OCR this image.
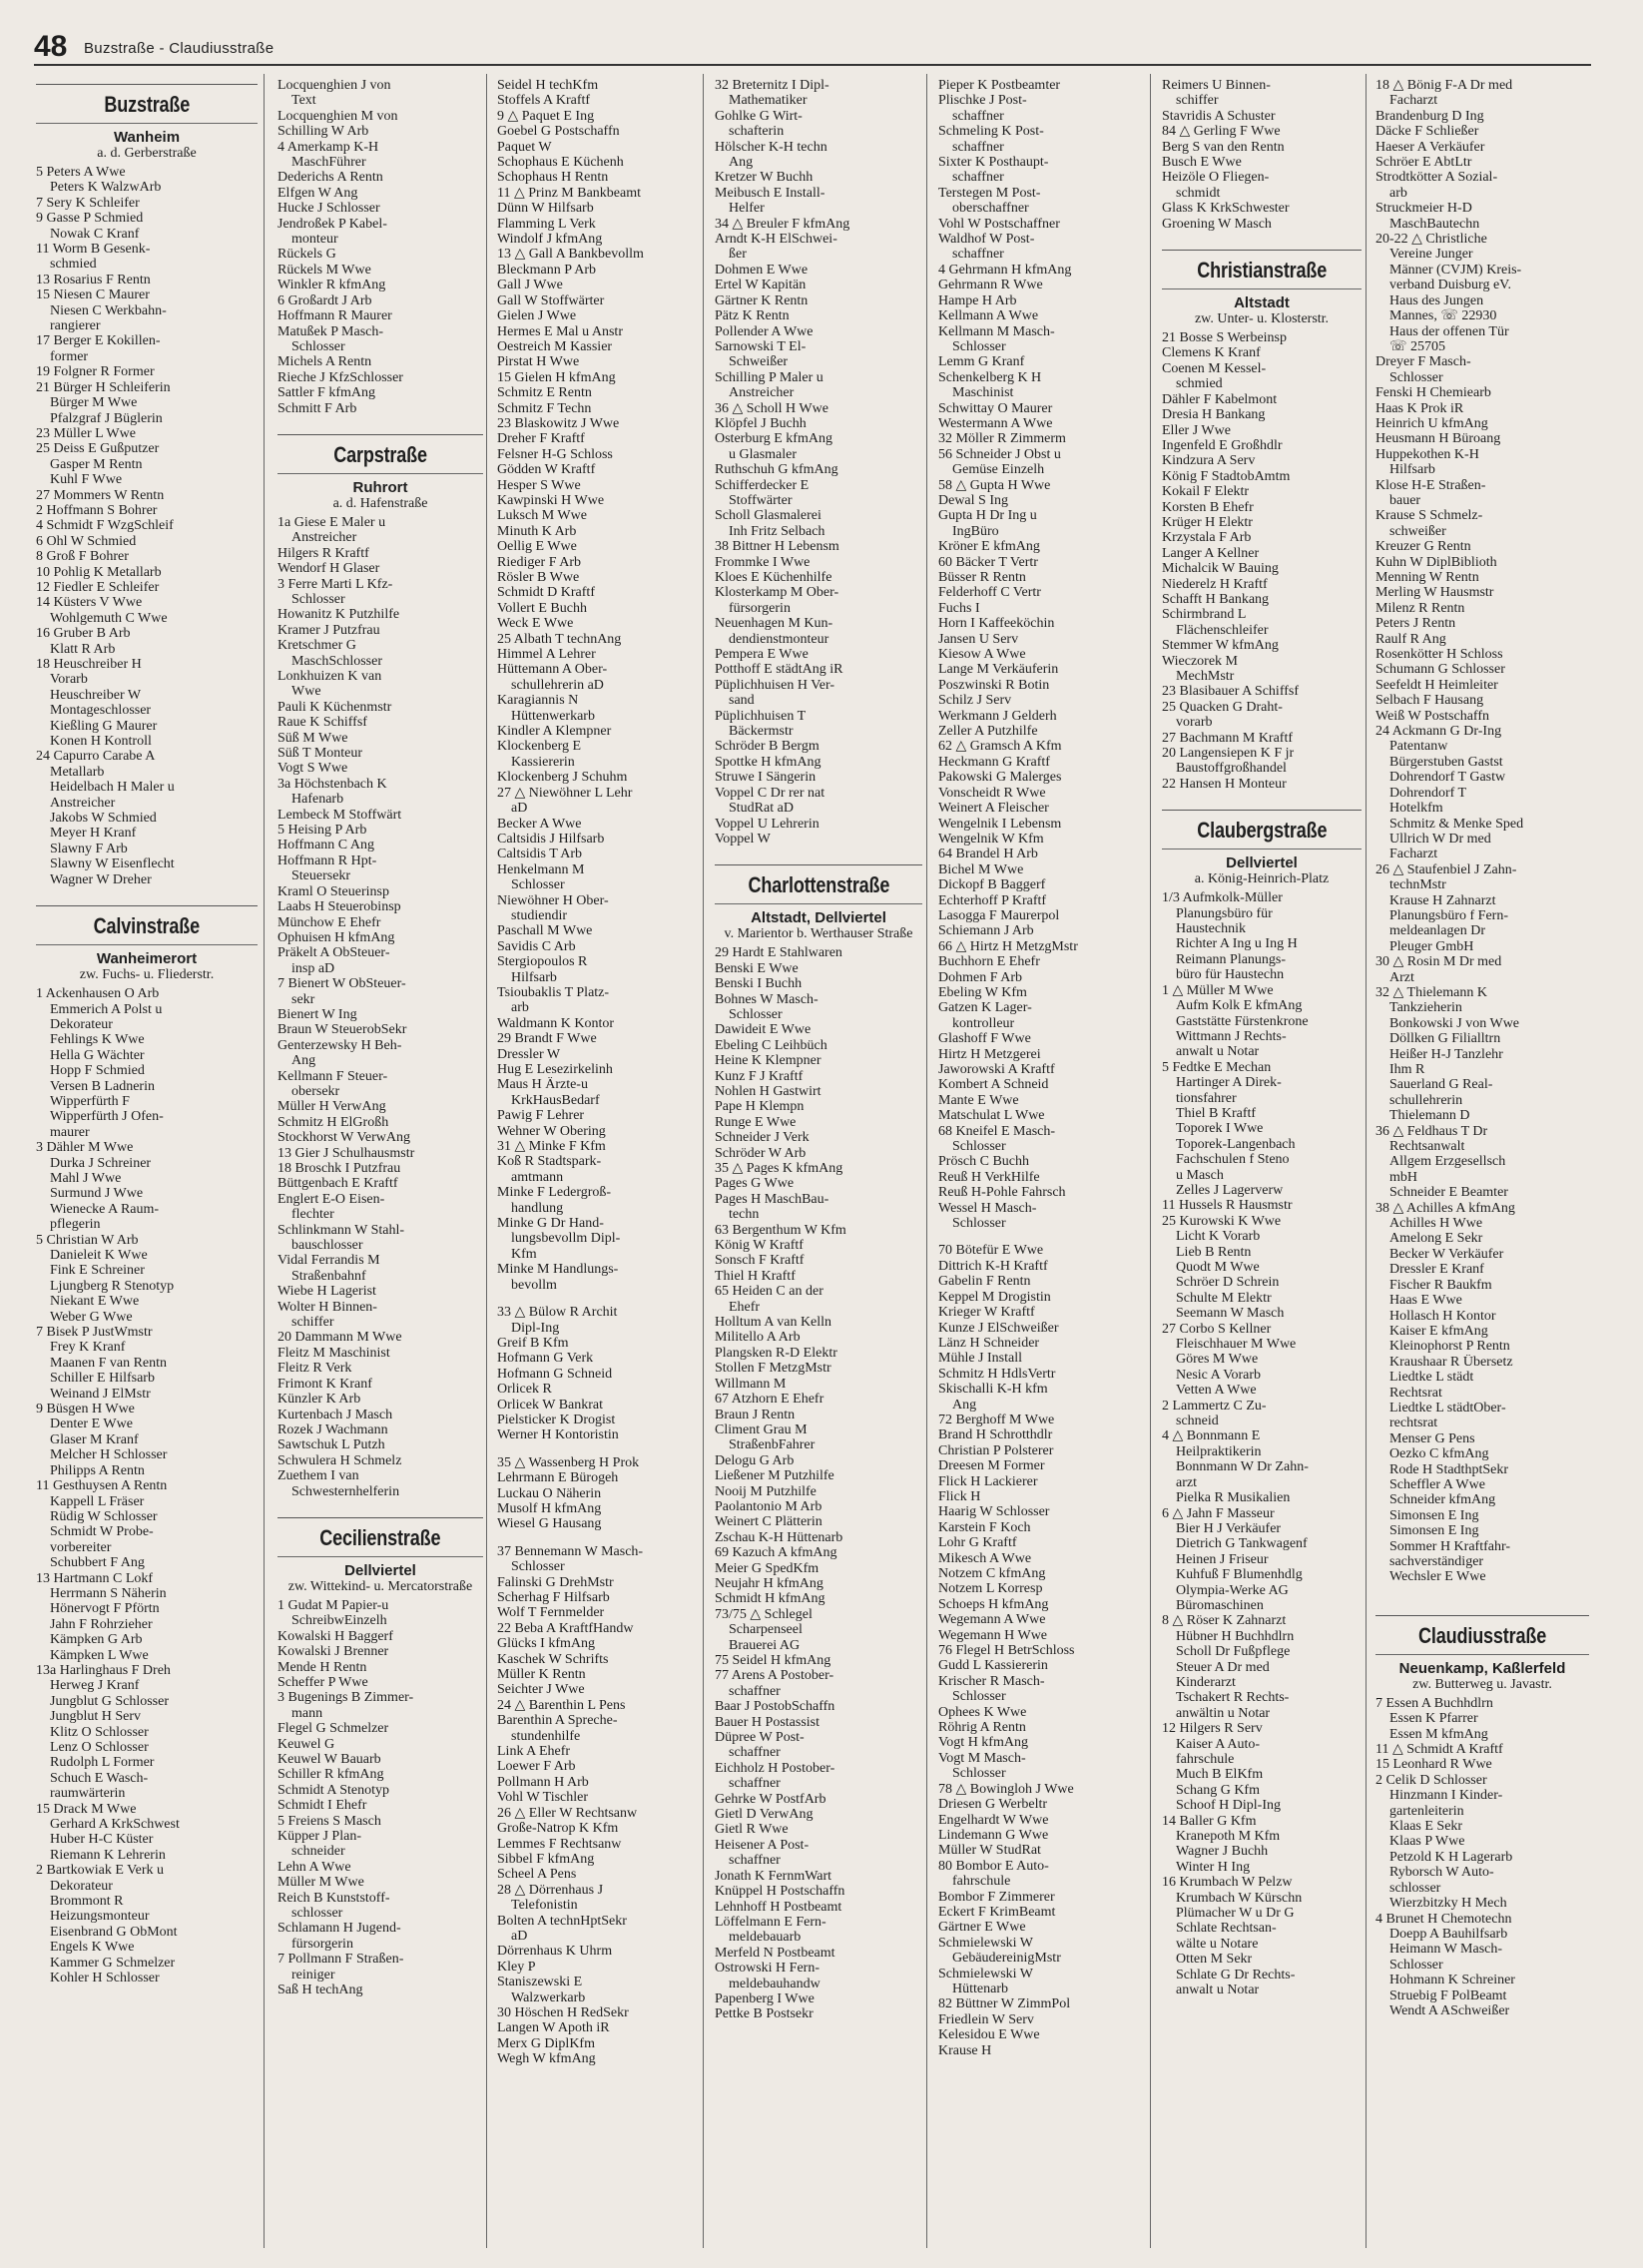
48 Buzstraße - Claudiusstraße
Buzstraße
Wanheim
a. d. Gerberstraße
5 Peters A Wwe
Peters K WalzwArb
7 Sery K Schleifer
9 Gasse P Schmied
Nowak C Kranf
11 Worm B Gesenk-
schmied
13 Rosarius F Rentn
15 Niesen C Maurer
Niesen C Werkbahn-
rangierer
17 Berger E Kokillen-
former
19 Folgner R Former
21 Bürger H Schleiferin
Bürger M Wwe
Pfalzgraf J Büglerin
23 Müller L Wwe
25 Deiss E Gußputzer
Gasper M Rentn
Kuhl F Wwe
27 Mommers W Rentn
2 Hoffmann S Bohrer
4 Schmidt F WzgSchleif
6 Ohl W Schmied
8 Groß F Bohrer
10 Pohlig K Metallarb
12 Fiedler E Schleifer
14 Küsters V Wwe
Wohlgemuth C Wwe
16 Gruber B Arb
Klatt R Arb
18 Heuschreiber H
Vorarb
Heuschreiber W
Montageschlosser
Kießling G Maurer
Konen H Kontroll
24 Capurro Carabe A
Metallarb
Heidelbach H Maler u
Anstreicher
Jakobs W Schmied
Meyer H Kranf
Slawny F Arb
Slawny W Eisenflecht
Wagner W Dreher
Calvinstraße
Wanheimerort
zw. Fuchs- u. Fliederstr.
1 Ackenhausen O Arb
Emmerich A Polst u
Dekorateur
Fehlings K Wwe
Hella G Wächter
Hopp F Schmied
Versen B Ladnerin
Wipperfürth F
Wipperfürth J Ofen-
maurer
3 Dähler M Wwe
Durka J Schreiner
Mahl J Wwe
Surmund J Wwe
Wienecke A Raum-
pflegerin
5 Christian W Arb
Danieleit K Wwe
Fink E Schreiner
Ljungberg R Stenotyp
Niekant E Wwe
Weber G Wwe
7 Bisek P JustWmstr
Frey K Kranf
Maanen F van Rentn
Schiller E Hilfsarb
Weinand J ElMstr
9 Büsgen H Wwe
Denter E Wwe
Glaser M Kranf
Melcher H Schlosser
Philipps A Rentn
11 Gesthuysen A Rentn
Kappell L Fräser
Rüdig W Schlosser
Schmidt W Probe-
vorbereiter
Schubbert F Ang
13 Hartmann C Lokf
Herrmann S Näherin
Hönervogt F Pförtn
Jahn F Rohrzieher
Kämpken G Arb
Kämpken L Wwe
13a Harlinghaus F Dreh
Herweg J Kranf
Jungblut G Schlosser
Jungblut H Serv
Klitz O Schlosser
Lenz O Schlosser
Rudolph L Former
Schuch E Wasch-
raumwärterin
15 Drack M Wwe
Gerhard A KrkSchwest
Huber H-C Küster
Riemann K Lehrerin
2 Bartkowiak E Verk u
Dekorateur
Brommont R
Heizungsmonteur
Eisenbrand G ObMont
Engels K Wwe
Kammer G Schmelzer
Kohler H Schlosser
Locquenghien J von
Text
Locquenghien M von
Schilling W Arb
4 Amerkamp K-H
MaschFührer
Dederichs A Rentn
Elfgen W Ang
Hucke J Schlosser
Jendroßek P Kabel-
monteur
Rückels G
Rückels M Wwe
Winkler R kfmAng
6 Großardt J Arb
Hoffmann R Maurer
Matußek P Masch-
Schlosser
Michels A Rentn
Rieche J KfzSchlosser
Sattler F kfmAng
Schmitt F Arb
Carpstraße
Ruhrort
a. d. Hafenstraße
1a Giese E Maler u
Anstreicher
Hilgers R Kraftf
Wendorf H Glaser
3 Ferre Marti L Kfz-
Schlosser
Howanitz K Putzhilfe
Kramer J Putzfrau
Kretschmer G
MaschSchlosser
Lonkhuizen K van
Wwe
Pauli K Küchenmstr
Raue K Schiffsf
Süß M Wwe
Süß T Monteur
Vogt S Wwe
3a Höchstenbach K
Hafenarb
Lembeck M Stoffwärt
5 Heising P Arb
Hoffmann C Ang
Hoffmann R Hpt-
Steuersekr
Kraml O Steuerinsp
Laabs H Steuerobinsp
Münchow E Ehefr
Ophuisen H kfmAng
Präkelt A ObSteuer-
insp aD
7 Bienert W ObSteuer-
sekr
Bienert W Ing
Braun W SteuerobSekr
Genterzewsky H Beh-
Ang
Kellmann F Steuer-
obersekr
Müller H VerwAng
Schmitz H ElGroßh
Stockhorst W VerwAng
13 Gier J Schulhausmstr
18 Broschk I Putzfrau
Büttgenbach E Kraftf
Englert E-O Eisen-
flechter
Schlinkmann W Stahl-
bauschlosser
Vidal Ferrandis M
Straßenbahnf
Wiebe H Lagerist
Wolter H Binnen-
schiffer
20 Dammann M Wwe
Fleitz M Maschinist
Fleitz R Verk
Frimont K Kranf
Künzler K Arb
Kurtenbach J Masch
Rozek J Wachmann
Sawtschuk L Putzh
Schwulera H Schmelz
Zuethem I van
Schwesternhelferin
Cecilienstraße
Dellviertel
zw. Wittekind- u. Mercatorstraße
1 Gudat M Papier-u
SchreibwEinzelh
Kowalski H Baggerf
Kowalski J Brenner
Mende H Rentn
Scheffer P Wwe
3 Bugenings B Zimmer-
mann
Flegel G Schmelzer
Keuwel G
Keuwel W Bauarb
Schiller R kfmAng
Schmidt A Stenotyp
Schmidt I Ehefr
5 Freiens S Masch
Küpper J Plan-
schneider
Lehn A Wwe
Müller M Wwe
Reich B Kunststoff-
schlosser
Schlamann H Jugend-
fürsorgerin
7 Pollmann F Straßen-
reiniger
Saß H techAng
Seidel H techKfm
Stoffels A Kraftf
9 △ Paquet E Ing
Goebel G Postschaffn
Paquet W
Schophaus E Küchenh
Schophaus H Rentn
11 △ Prinz M Bankbeamt
Dünn W Hilfsarb
Flamming L Verk
Windolf J kfmAng
13 △ Gall A Bankbevollm
Bleckmann P Arb
Gall J Wwe
Gall W Stoffwärter
Gielen J Wwe
Hermes E Mal u Anstr
Oestreich M Kassier
Pirstat H Wwe
15 Gielen H kfmAng
Schmitz E Rentn
Schmitz F Techn
23 Blaskowitz J Wwe
Dreher F Kraftf
Felsner H-G Schloss
Gödden W Kraftf
Hesper S Wwe
Kawpinski H Wwe
Luksch M Wwe
Minuth K Arb
Oellig E Wwe
Riediger F Arb
Rösler B Wwe
Schmidt D Kraftf
Vollert E Buchh
Weck E Wwe
25 Albath T technAng
Himmel A Lehrer
Hüttemann A Ober-
schullehrerin aD
Karagiannis N
Hüttenwerkarb
Kindler A Klempner
Klockenberg E
Kassiererin
Klockenberg J Schuhm
27 △ Niewöhner L Lehr
aD
Becker A Wwe
Caltsidis J Hilfsarb
Caltsidis T Arb
Henkelmann M
Schlosser
Niewöhner H Ober-
studiendir
Paschall M Wwe
Savidis C Arb
Stergiopoulos R
Hilfsarb
Tsioubaklis T Platz-
arb
Waldmann K Kontor
29 Brandt F Wwe
Dressler W
Hug E Lesezirkelinh
Maus H Ärzte-u
KrkHausBedarf
Pawig F Lehrer
Wehner W Obering
31 △ Minke F Kfm
Koß R Stadtspark-
amtmann
Minke F Ledergroß-
handlung
Minke G Dr Hand-
lungsbevollm Dipl-
Kfm
Minke M Handlungs-
bevollm
33 △ Bülow R Archit
Dipl-Ing
Greif B Kfm
Hofmann G Verk
Hofmann G Schneid
Orlicek R
Orlicek W Bankrat
Pielsticker K Drogist
Werner H Kontoristin
35 △ Wassenberg H Prok
Lehrmann E Bürogeh
Luckau O Näherin
Musolf H kfmAng
Wiesel G Hausang
37 Bennemann W Masch-
Schlosser
Falinski G DrehMstr
Scherhag F Hilfsarb
Wolf T Fernmelder
22 Beba A KraftfHandw
Glücks I kfmAng
Kaschek W Schrifts
Müller K Rentn
Seichter J Wwe
24 △ Barenthin L Pens
Barenthin A Spreche-
stundenhilfe
Link A Ehefr
Loewer F Arb
Pollmann H Arb
Vohl W Tischler
26 △ Eller W Rechtsanw
Große-Natrop K Kfm
Lemmes F Rechtsanw
Sibbel F kfmAng
Scheel A Pens
28 △ Dörrenhaus J
Telefonistin
Bolten A technHptSekr
aD
Dörrenhaus K Uhrm
Kley P
Staniszewski E
Walzwerkarb
30 Höschen H RedSekr
Langen W Apoth iR
Merx G DiplKfm
Wegh W kfmAng
32 Breternitz I Dipl-
Mathematiker
Gohlke G Wirt-
schafterin
Hölscher K-H techn
Ang
Kretzer W Buchh
Meibusch E Install-
Helfer
34 △ Breuler F kfmAng
Arndt K-H ElSchwei-
ßer
Dohmen E Wwe
Ertel W Kapitän
Gärtner K Rentn
Pätz K Rentn
Pollender A Wwe
Sarnowski T El-
Schweißer
Schilling P Maler u
Anstreicher
36 △ Scholl H Wwe
Klöpfel J Buchh
Osterburg E kfmAng
u Glasmaler
Ruthschuh G kfmAng
Schifferdecker E
Stoffwärter
Scholl Glasmalerei
Inh Fritz Selbach
38 Bittner H Lebensm
Frommke I Wwe
Kloes E Küchenhilfe
Klosterkamp M Ober-
fürsorgerin
Neuenhagen M Kun-
dendienstmonteur
Pempera E Wwe
Potthoff E städtAng iR
Püplichhuisen H Ver-
sand
Püplichhuisen T
Bäckermstr
Schröder B Bergm
Spottke H kfmAng
Struwe I Sängerin
Voppel C Dr rer nat
StudRat aD
Voppel U Lehrerin
Voppel W
Charlottenstraße
Altstadt, Dellviertel
v. Marientor b. Werthauser Straße
29 Hardt E Stahlwaren
Benski E Wwe
Benski I Buchh
Bohnes W Masch-
Schlosser
Dawideit E Wwe
Ebeling C Leihbüch
Heine K Klempner
Kunz F J Kraftf
Nohlen H Gastwirt
Pape H Klempn
Runge E Wwe
Schneider J Verk
Schröder W Arb
35 △ Pages K kfmAng
Pages G Wwe
Pages H MaschBau-
techn
63 Bergenthum W Kfm
König W Kraftf
Sonsch F Kraftf
Thiel H Kraftf
65 Heiden C an der
Ehefr
Holltum A van Kelln
Militello A Arb
Plangsken R-D Elektr
Stollen F MetzgMstr
Willmann M
67 Atzhorn E Ehefr
Braun J Rentn
Climent Grau M
StraßenbFahrer
Delogu G Arb
Ließener M Putzhilfe
Nooij M Putzhilfe
Paolantonio M Arb
Weinert C Plätterin
Zschau K-H Hüttenarb
69 Kazuch A kfmAng
Meier G SpedKfm
Neujahr H kfmAng
Schmidt H kfmAng
73/75 △ Schlegel
Scharpenseel
Brauerei AG
75 Seidel H kfmAng
77 Arens A Postober-
schaffner
Baar J PostobSchaffn
Bauer H Postassist
Düpree W Post-
schaffner
Eichholz H Postober-
schaffner
Gehrke W PostfArb
Gietl D VerwAng
Gietl R Wwe
Heisener A Post-
schaffner
Jonath K FernmWart
Knüppel H Postschaffn
Lehnhoff H Postbeamt
Löffelmann E Fern-
meldebauarb
Merfeld N Postbeamt
Ostrowski H Fern-
meldebauhandw
Papenberg I Wwe
Pettke B Postsekr
Pieper K Postbeamter
Plischke J Post-
schaffner
Schmeling K Post-
schaffner
Sixter K Posthaupt-
schaffner
Terstegen M Post-
oberschaffner
Vohl W Postschaffner
Waldhof W Post-
schaffner
4 Gehrmann H kfmAng
Gehrmann R Wwe
Hampe H Arb
Kellmann A Wwe
Kellmann M Masch-
Schlosser
Lemm G Kranf
Schenkelberg K H
Maschinist
Schwittay O Maurer
Westermann A Wwe
32 Möller R Zimmerm
56 Schneider J Obst u
Gemüse Einzelh
58 △ Gupta H Wwe
Dewal S Ing
Gupta H Dr Ing u
IngBüro
Kröner E kfmAng
60 Bäcker T Vertr
Büsser R Rentn
Felderhoff C Vertr
Fuchs I
Horn I Kaffeeköchin
Jansen U Serv
Kiesow A Wwe
Lange M Verkäuferin
Poszwinski R Botin
Schilz J Serv
Werkmann J Gelderh
Zeller A Putzhilfe
62 △ Gramsch A Kfm
Heckmann G Kraftf
Pakowski G Malerges
Vonscheidt R Wwe
Weinert A Fleischer
Wengelnik I Lebensm
Wengelnik W Kfm
64 Brandel H Arb
Bichel M Wwe
Dickopf B Baggerf
Echterhoff P Kraftf
Lasogga F Maurerpol
Schiemann J Arb
66 △ Hirtz H MetzgMstr
Buchhorn E Ehefr
Dohmen F Arb
Ebeling W Kfm
Gatzen K Lager-
kontrolleur
Glashoff F Wwe
Hirtz H Metzgerei
Jaworowski A Kraftf
Kombert A Schneid
Mante E Wwe
Matschulat L Wwe
68 Kneifel E Masch-
Schlosser
Prösch C Buchh
Reuß H VerkHilfe
Reuß H-Pohle Fahrsch
Wessel H Masch-
Schlosser
70 Bötefür E Wwe
Dittrich K-H Kraftf
Gabelin F Rentn
Keppel M Drogistin
Krieger W Kraftf
Kunze J ElSchweißer
Länz H Schneider
Mühle J Install
Schmitz H HdlsVertr
Skischalli K-H kfm
Ang
72 Berghoff M Wwe
Brand H Schrotthdlr
Christian P Polsterer
Dreesen M Former
Flick H Lackierer
Flick H
Haarig W Schlosser
Karstein F Koch
Lohr G Kraftf
Mikesch A Wwe
Notzem C kfmAng
Notzem L Korresp
Schoeps H kfmAng
Wegemann A Wwe
Wegemann H Wwe
76 Flegel H BetrSchloss
Gudd L Kassiererin
Krischer R Masch-
Schlosser
Ophees K Wwe
Röhrig A Rentn
Vogt H kfmAng
Vogt M Masch-
Schlosser
78 △ Bowingloh J Wwe
Driesen G Werbeltr
Engelhardt W Wwe
Lindemann G Wwe
Müller W StudRat
80 Bombor E Auto-
fahrschule
Bombor F Zimmerer
Eckert F KrimBeamt
Gärtner E Wwe
Schmielewski W
GebäudereinigMstr
Schmielewski W
Hüttenarb
82 Büttner W ZimmPol
Friedlein W Serv
Kelesidou E Wwe
Krause H
Reimers U Binnen-
schiffer
Stavridis A Schuster
84 △ Gerling F Wwe
Berg S van den Rentn
Busch E Wwe
Heizöle O Fliegen-
schmidt
Glass K KrkSchwester
Groening W Masch
Christianstraße
Altstadt
zw. Unter- u. Klosterstr.
21 Bosse S Werbeinsp
Clemens K Kranf
Coenen M Kessel-
schmied
Dähler F Kabelmont
Dresia H Bankang
Eller J Wwe
Ingenfeld E Großhdlr
Kindzura A Serv
König F StadtobAmtm
Kokail F Elektr
Korsten B Ehefr
Krüger H Elektr
Krzystala F Arb
Langer A Kellner
Michalcik W Bauing
Niederelz H Kraftf
Schafft H Bankang
Schirmbrand L
Flächenschleifer
Stemmer W kfmAng
Wieczorek M
MechMstr
23 Blasibauer A Schiffsf
25 Quacken G Draht-
vorarb
27 Bachmann M Kraftf
20 Langensiepen K F jr
Baustoffgroßhandel
22 Hansen H Monteur
Claubergstraße
Dellviertel
a. König-Heinrich-Platz
1/3 Aufmkolk-Müller
Planungsbüro für
Haustechnik
Richter A Ing u Ing H
Reimann Planungs-
büro für Haustechn
1 △ Müller M Wwe
Aufm Kolk E kfmAng
Gaststätte Fürstenkrone
Wittmann J Rechts-
anwalt u Notar
5 Fedtke E Mechan
Hartinger A Direk-
tionsfahrer
Thiel B Kraftf
Toporek I Wwe
Toporek-Langenbach
Fachschulen f Steno
u Masch
Zelles J Lagerverw
11 Hussels R Hausmstr
25 Kurowski K Wwe
Licht K Vorarb
Lieb B Rentn
Quodt M Wwe
Schröer D Schrein
Schulte M Elektr
Seemann W Masch
27 Corbo S Kellner
Fleischhauer M Wwe
Göres M Wwe
Nesic A Vorarb
Vetten A Wwe
2 Lammertz C Zu-
schneid
4 △ Bonnmann E
Heilpraktikerin
Bonnmann W Dr Zahn-
arzt
Pielka R Musikalien
6 △ Jahn F Masseur
Bier H J Verkäufer
Dietrich G Tankwagenf
Heinen J Friseur
Kuhfuß F Blumenhdlg
Olympia-Werke AG
Büromaschinen
8 △ Röser K Zahnarzt
Hübner H Buchhdlrn
Scholl Dr Fußpflege
Steuer A Dr med
Kinderarzt
Tschakert R Rechts-
anwältin u Notar
12 Hilgers R Serv
Kaiser A Auto-
fahrschule
Much B ElKfm
Schang G Kfm
Schoof H Dipl-Ing
14 Baller G Kfm
Kranepoth M Kfm
Wagner J Buchh
Winter H Ing
16 Krumbach W Pelzw
Krumbach W Kürschn
Plümacher W u Dr G
Schlate Rechtsan-
wälte u Notare
Otten M Sekr
Schlate G Dr Rechts-
anwalt u Notar
18 △ Bönig F-A Dr med
Facharzt
Brandenburg D Ing
Däcke F Schließer
Haeser A Verkäufer
Schröer E AbtLtr
Strodtkötter A Sozial-
arb
Struckmeier H-D
MaschBautechn
20-22 △ Christliche
Vereine Junger
Männer (CVJM) Kreis-
verband Duisburg eV.
Haus des Jungen
Mannes, ☏ 22930
Haus der offenen Tür
☏ 25705
Dreyer F Masch-
Schlosser
Fenski H Chemiearb
Haas K Prok iR
Heinrich U kfmAng
Heusmann H Büroang
Huppekothen K-H
Hilfsarb
Klose H-E Straßen-
bauer
Krause S Schmelz-
schweißer
Kreuzer G Rentn
Kuhn W DiplBiblioth
Menning W Rentn
Merling W Hausmstr
Milenz R Rentn
Peters J Rentn
Raulf R Ang
Rosenkötter H Schloss
Schumann G Schlosser
Seefeldt H Heimleiter
Selbach F Hausang
Weiß W Postschaffn
24 Ackmann G Dr-Ing
Patentanw
Bürgerstuben Gastst
Dohrendorf T Gastw
Dohrendorf T
Hotelkfm
Schmitz & Menke Sped
Ullrich W Dr med
Facharzt
26 △ Staufenbiel J Zahn-
technMstr
Krause H Zahnarzt
Planungsbüro f Fern-
meldeanlagen Dr
Pleuger GmbH
30 △ Rosin M Dr med
Arzt
32 △ Thielemann K
Tankzieherin
Bonkowski J von Wwe
Döllken G Filialltrn
Heißer H-J Tanzlehr
Ihm R
Sauerland G Real-
schullehrerin
Thielemann D
36 △ Feldhaus T Dr
Rechtsanwalt
Allgem Erzgesellsch
mbH
Schneider E Beamter
38 △ Achilles A kfmAng
Achilles H Wwe
Amelong E Sekr
Becker W Verkäufer
Dressler E Kranf
Fischer R Baukfm
Haas E Wwe
Hollasch H Kontor
Kaiser E kfmAng
Kleinophorst P Rentn
Kraushaar R Übersetz
Liedtke L städt
Rechtsrat
Liedtke L städtOber-
rechtsrat
Menser G Pens
Oezko C kfmAng
Rode H StadthptSekr
Scheffler A Wwe
Schneider kfmAng
Simonsen E Ing
Simonsen E Ing
Sommer H Kraftfahr-
sachverständiger
Wechsler E Wwe
Claudiusstraße
Neuenkamp, Kaßlerfeld
zw. Butterweg u. Javastr.
7 Essen A Buchhdlrn
Essen K Pfarrer
Essen M kfmAng
11 △ Schmidt A Kraftf
15 Leonhard R Wwe
2 Celik D Schlosser
Hinzmann I Kinder-
gartenleiterin
Klaas E Sekr
Klaas P Wwe
Petzold K H Lagerarb
Ryborsch W Auto-
schlosser
Wierzbitzky H Mech
4 Brunet H Chemotechn
Doepp A Bauhilfsarb
Heimann W Masch-
Schlosser
Hohmann K Schreiner
Struebig F PolBeamt
Wendt A ASchweißer
